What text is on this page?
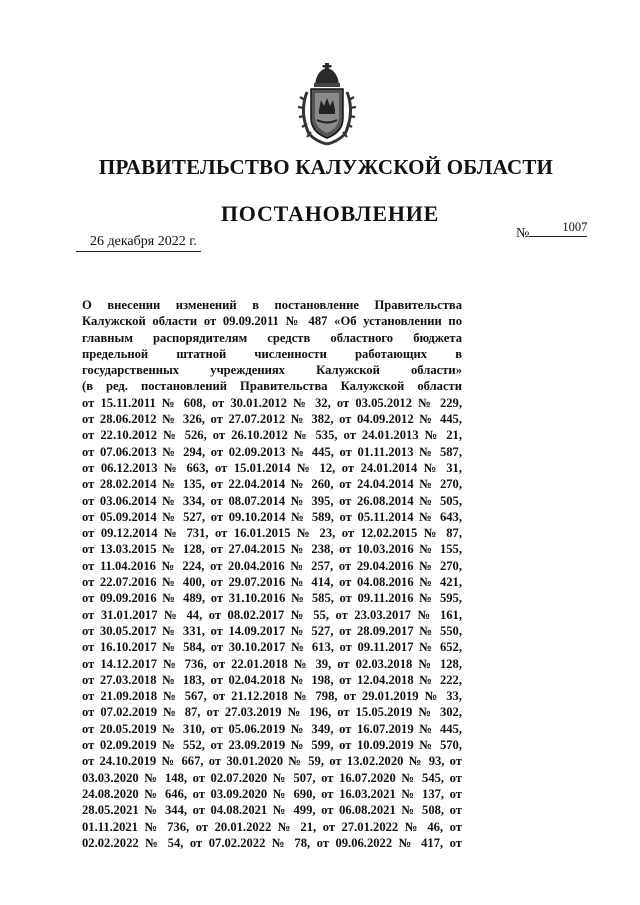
ПРАВИТЕЛЬСТВО КАЛУЖСКОЙ ОБЛАСТИ
ПОСТАНОВЛЕНИЕ
26 декабря 2022 г.
№	1007
О внесении изменений в постановление Правительства
Калужской области от 09.09.2011 № 487 «Об установлении по
главным распорядителям средств областного бюджета
предельной штатной численности работающих в
государственных учреждениях Калужской области»
(в ред. постановлений Правительства Калужской области
от 15.11.2011 № 608, от 30.01.2012 № 32, от 03.05.2012 № 229,
от 28.06.2012 № 326, от 27.07.2012 № 382, от 04.09.2012 № 445,
от 22.10.2012 № 526, от 26.10.2012 № 535, от 24.01.2013 № 21,
от 07.06.2013 № 294, от 02.09.2013 № 445, от 01.11.2013 № 587,
от 06.12.2013 № 663, от 15.01.2014 № 12, от 24.01.2014 № 31,
от 28.02.2014 № 135, от 22.04.2014 № 260, от 24.04.2014 № 270,
от 03.06.2014 № 334, от 08.07.2014 № 395, от 26.08.2014 № 505,
от 05.09.2014 № 527, от 09.10.2014 № 589, от 05.11.2014 № 643,
от 09.12.2014 № 731, от 16.01.2015 № 23, от 12.02.2015 № 87,
от 13.03.2015 № 128, от 27.04.2015 № 238, от 10.03.2016 № 155,
от 11.04.2016 № 224, от 20.04.2016 № 257, от 29.04.2016 № 270,
от 22.07.2016 № 400, от 29.07.2016 № 414, от 04.08.2016 № 421,
от 09.09.2016 № 489, от 31.10.2016 № 585, от 09.11.2016 № 595,
от 31.01.2017 № 44, от 08.02.2017 № 55, от 23.03.2017 № 161,
от 30.05.2017 № 331, от 14.09.2017 № 527, от 28.09.2017 № 550,
от 16.10.2017 № 584, от 30.10.2017 № 613, от 09.11.2017 № 652,
от 14.12.2017 № 736, от 22.01.2018 № 39, от 02.03.2018 № 128,
от 27.03.2018 № 183, от 02.04.2018 № 198, от 12.04.2018 № 222,
от 21.09.2018 № 567, от 21.12.2018 № 798, от 29.01.2019 № 33,
от 07.02.2019 № 87, от 27.03.2019 № 196, от 15.05.2019 № 302,
от 20.05.2019 № 310, от 05.06.2019 № 349, от 16.07.2019 № 445,
от 02.09.2019 № 552, от 23.09.2019 № 599, от 10.09.2019 № 570,
от 24.10.2019 № 667, от 30.01.2020 № 59, от 13.02.2020 № 93, от
03.03.2020 № 148, от 02.07.2020 № 507, от 16.07.2020 № 545, от
24.08.2020 № 646, от 03.09.2020 № 690, от 16.03.2021 № 137, от
28.05.2021 № 344, от 04.08.2021 № 499, от 06.08.2021 № 508, от
01.11.2021 № 736, от 20.01.2022 № 21, от 27.01.2022 № 46, от
02.02.2022 № 54, от 07.02.2022 № 78, от 09.06.2022 № 417, от
